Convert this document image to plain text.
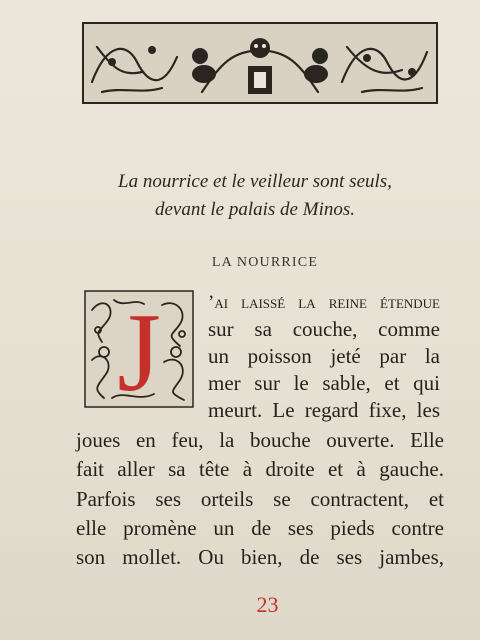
La nourrice et le veilleur sont seuls,
devant le palais de Minos.
LA NOURRICE
J ’ai laissé la reine étendue
sur sa couche, comme
un poisson jeté par la
mer sur le sable, et qui
meurt. Le regard fixe, les
joues en feu, la bouche ouverte. Elle
fait aller sa tête à droite et à gauche.
Parfois ses orteils se contractent, et
elle promène un de ses pieds contre
son mollet. Ou bien, de ses jambes,
23
